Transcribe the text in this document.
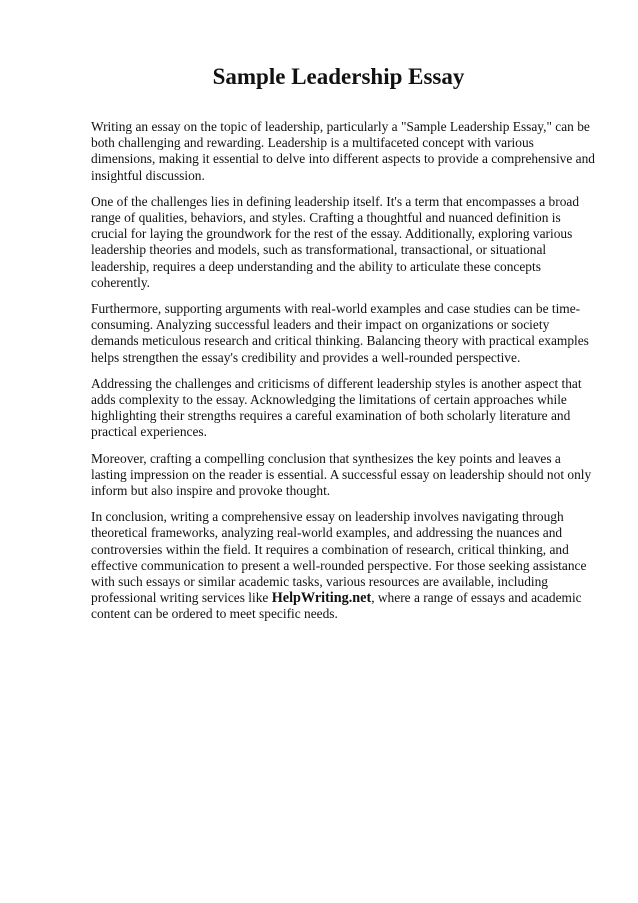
Sample Leadership Essay

Writing an essay on the topic of leadership, particularly a "Sample Leadership Essay," can be both challenging and rewarding. Leadership is a multifaceted concept with various dimensions, making it essential to delve into different aspects to provide a comprehensive and insightful discussion.

One of the challenges lies in defining leadership itself. It's a term that encompasses a broad range of qualities, behaviors, and styles. Crafting a thoughtful and nuanced definition is crucial for laying the groundwork for the rest of the essay. Additionally, exploring various leadership theories and models, such as transformational, transactional, or situational leadership, requires a deep understanding and the ability to articulate these concepts coherently.

Furthermore, supporting arguments with real-world examples and case studies can be time-consuming. Analyzing successful leaders and their impact on organizations or society demands meticulous research and critical thinking. Balancing theory with practical examples helps strengthen the essay's credibility and provides a well-rounded perspective.

Addressing the challenges and criticisms of different leadership styles is another aspect that adds complexity to the essay. Acknowledging the limitations of certain approaches while highlighting their strengths requires a careful examination of both scholarly literature and practical experiences.

Moreover, crafting a compelling conclusion that synthesizes the key points and leaves a lasting impression on the reader is essential. A successful essay on leadership should not only inform but also inspire and provoke thought.

In conclusion, writing a comprehensive essay on leadership involves navigating through theoretical frameworks, analyzing real-world examples, and addressing the nuances and controversies within the field. It requires a combination of research, critical thinking, and effective communication to present a well-rounded perspective. For those seeking assistance with such essays or similar academic tasks, various resources are available, including professional writing services like HelpWriting.net, where a range of essays and academic content can be ordered to meet specific needs.
